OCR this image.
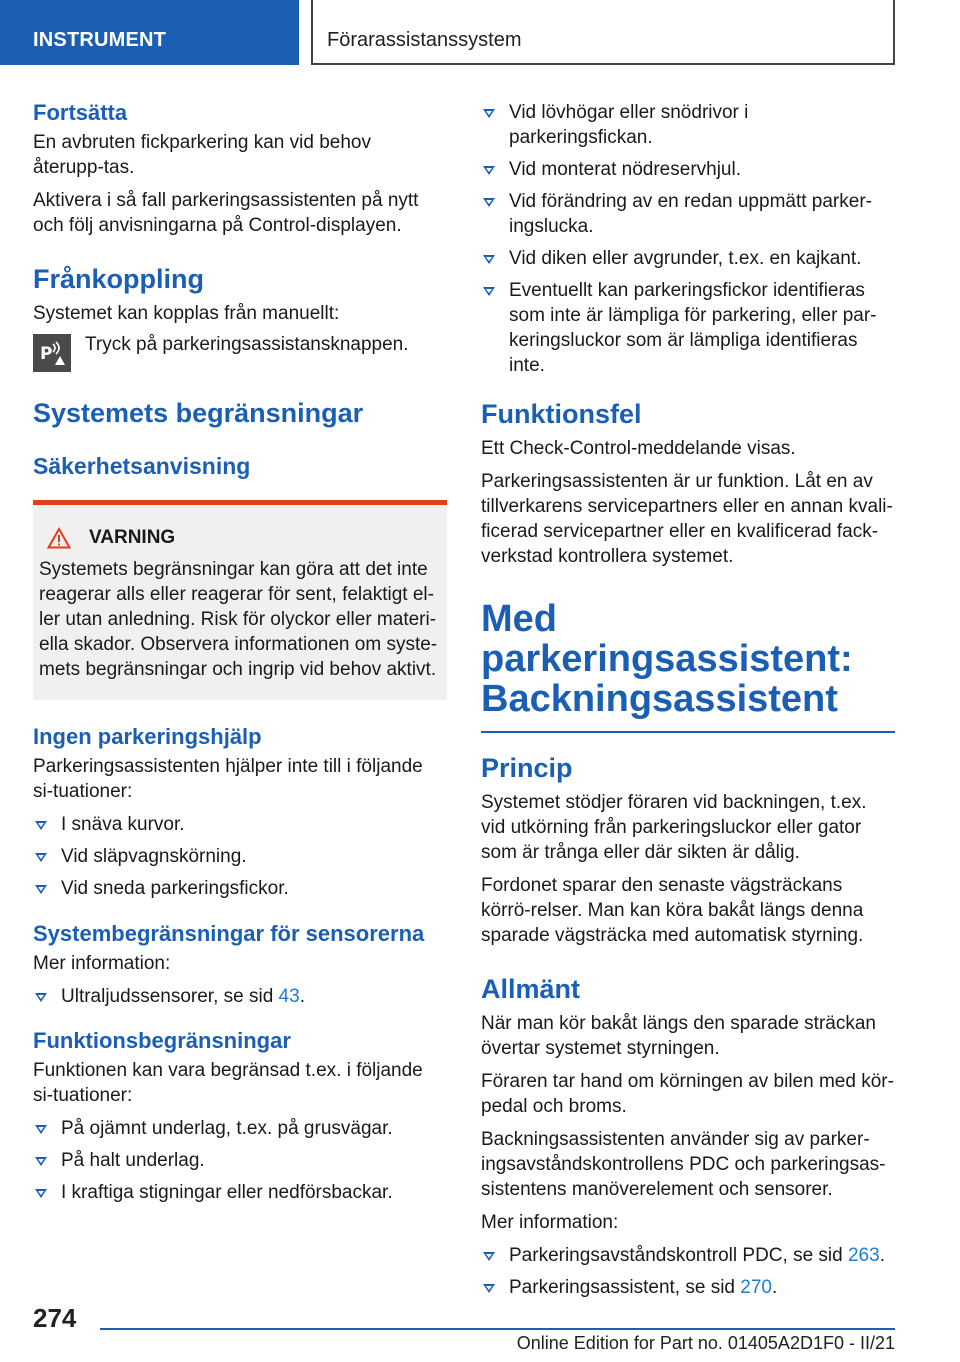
INSTRUMENT	Förarassistanssystem
Fortsätta

En avbruten fickparkering kan vid behov återupp-tas.

Aktivera i så fall parkeringsassistenten på nytt och följ anvisningarna på Control-displayen.

Frånkoppling

Systemet kan kopplas från manuellt:

P Tryck på parkeringsassistansknappen.

Systemets begränsningar
Säkerhetsanvisning
VARNING

Systemets begränsningar kan göra att det inte reagerar alls eller reagerar för sent, felaktigt el-ler utan anledning. Risk för olyckor eller materi-ella skador. Observera informationen om syste-mets begränsningar och ingrip vid behov aktivt.

Ingen parkeringshjälp

Parkeringsassistenten hjälper inte till i följande si-tuationer:

I snäva kurvor.
Vid släpvagnskörning.
Vid sneda parkeringsfickor.
Systembegränsningar för sensorerna

Mer information:

Ultraljudssensorer, se sid 43.
Funktionsbegränsningar

Funktionen kan vara begränsad t.ex. i följande si-tuationer:

På ojämnt underlag, t.ex. på grusvägar.
På halt underlag.
I kraftiga stigningar eller nedförsbackar.
Vid lövhögar eller snödrivor i parkeringsfickan.
Vid monterat nödreservhjul.
Vid förändring av en redan uppmätt parker-ingslucka.
Vid diken eller avgrunder, t.ex. en kajkant.
Eventuellt kan parkeringsfickor identifieras som inte är lämpliga för parkering, eller par-keringsluckor som är lämpliga identifieras inte.
Funktionsfel

Ett Check-Control-meddelande visas.

Parkeringsassistenten är ur funktion. Låt en av tillverkarens servicepartners eller en annan kvali-ficerad servicepartner eller en kvalificerad fack-verkstad kontrollera systemet.

Med parkeringsassistent:
Backningsassistent
Princip

Systemet stödjer föraren vid backningen, t.ex. vid utkörning från parkeringsluckor eller gator som är trånga eller där sikten är dålig.

Fordonet sparar den senaste vägsträckans körrö-relser. Man kan köra bakåt längs denna sparade vägsträcka med automatisk styrning.

Allmänt

När man kör bakåt längs den sparade sträckan övertar systemet styrningen.

Föraren tar hand om körningen av bilen med kör-pedal och broms.

Backningsassistenten använder sig av parker-ingsavståndskontrollens PDC och parkeringsas-sistentens manöverelement och sensorer.

Mer information:

Parkeringsavståndskontroll PDC, se sid 263.
Parkeringsassistent, se sid 270.
274
Online Edition for Part no. 01405A2D1F0 - II/21
